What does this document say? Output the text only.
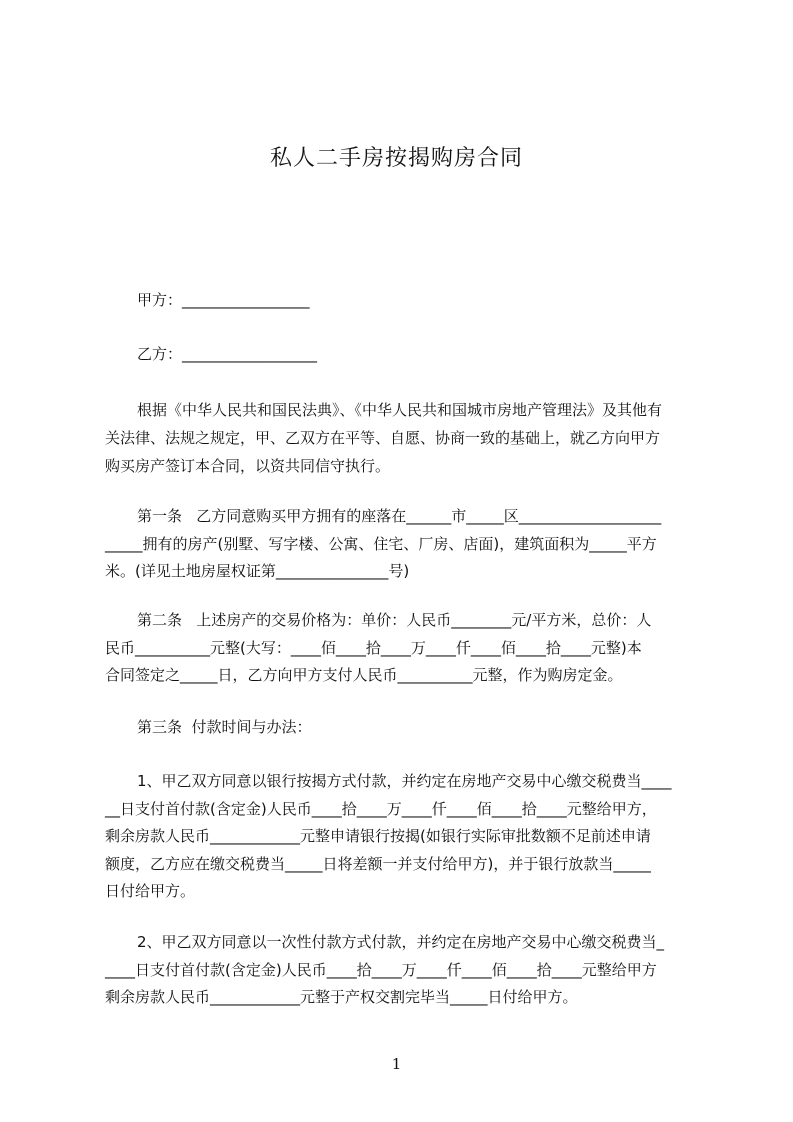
私人二手房按揭购房合同
甲方：_________________
乙方：__________________
根据《中华人民共和国民法典》、《中华人民共和国城市房地产管理法》及其他有
关法律、法规之规定，甲、乙双方在平等、自愿、协商一致的基础上，就乙方向甲方
购买房产签订本合同，以资共同信守执行。
第一条   乙方同意购买甲方拥有的座落在______市_____区___________________
_____拥有的房产(别墅、写字楼、公寓、住宅、厂房、店面)，建筑面积为_____平方
米。(详见土地房屋权证第_______________号)
第二条   上述房产的交易价格为：单价：人民币________元/平方米，总价：人
民币__________元整(大写：____佰____拾____万____仟____佰____拾____元整)本
合同签定之_____日，乙方向甲方支付人民币__________元整，作为购房定金。
第三条  付款时间与办法：
1、甲乙双方同意以银行按揭方式付款，并约定在房地产交易中心缴交税费当____
__日支付首付款(含定金)人民币____拾____万____仟____佰____拾____元整给甲方，
剩余房款人民币____________元整申请银行按揭(如银行实际审批数额不足前述申请
额度，乙方应在缴交税费当_____日将差额一并支付给甲方)，并于银行放款当_____
日付给甲方。
2、甲乙双方同意以一次性付款方式付款，并约定在房地产交易中心缴交税费当_
____日支付首付款(含定金)人民币____拾____万____仟____佰____拾____元整给甲方
剩余房款人民币____________元整于产权交割完毕当_____日付给甲方。
1
